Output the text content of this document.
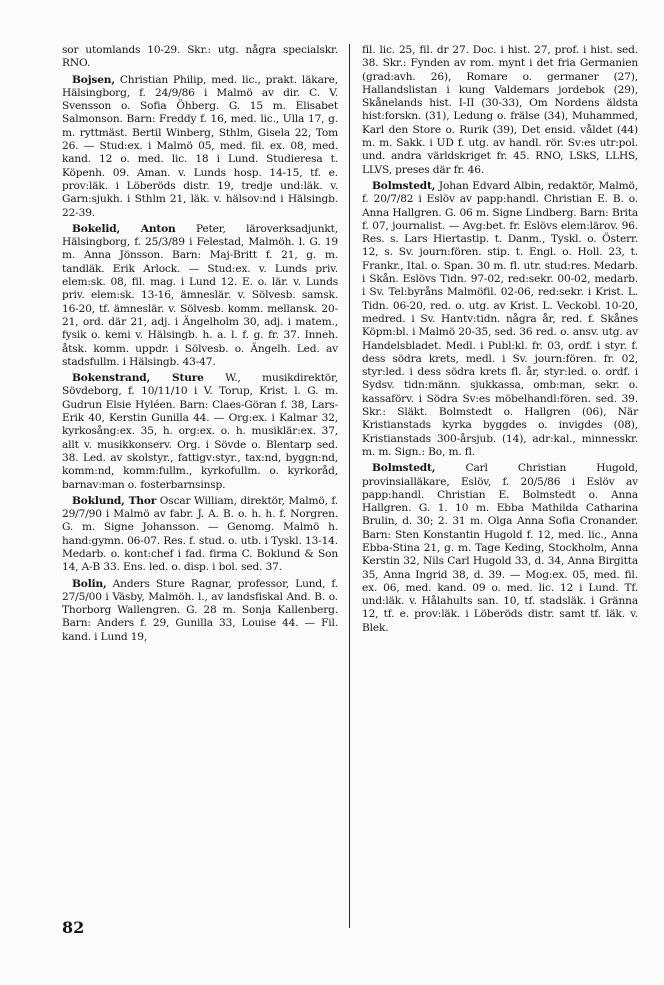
sor utomlands 10-29. Skr.: utg. några specialskr. RNO.

Bojsen, Christian Philip, med. lic., prakt. läkare, Hälsingborg, f. 24/9/86 i Malmö av dir. C. V. Svensson o. Sofia Öhberg. G. 15 m. Elisabet Salmonson. Barn: Freddy f. 16, med. lic., Ulla 17, g. m. ryttmäst. Bertil Winberg, Sthlm, Gisela 22, Tom 26. — Stud:ex. i Malmö 05, med. fil. ex. 08, med. kand. 12 o. med. lic. 18 i Lund. Studieresa t. Köpenh. 09. Aman. v. Lunds hosp. 14-15, tf. e. prov:läk. i Löberöds distr. 19, tredje und:läk. v. Garn:sjukh. i Sthlm 21, läk. v. hälsov:nd i Hälsingb. 22-39.

Bokelid, Anton Peter, läroverksadjunkt, Hälsingborg, f. 25/3/89 i Felestad, Malmöh. l. G. 19 m. Anna Jönsson. Barn: Maj-Britt f. 21, g. m. tandläk. Erik Arlock. — Stud:ex. v. Lunds priv. elem:sk. 08, fil. mag. i Lund 12. E. o. lär. v. Lunds priv. elem:sk. 13-16, ämneslär. v. Sölvesb. samsk. 16-20, tf. ämneslär. v. Sölvesb. komm. mellansk. 20-21, ord. där 21, adj. i Ängelholm 30, adj. i matem., fysik o. kemi v. Hälsingb. h. a. l. f. g. fr. 37. Inneh. åtsk. komm. uppdr. i Sölvesb. o. Ängelh. Led. av stadsfullm. i Hälsingb. 43-47.

Bokenstrand, Sture W., musikdirektör, Sövdeborg, f. 10/11/10 i V. Torup, Krist. l. G. m. Gudrun Elsie Hyléen. Barn: Claes-Göran f. 38, Lars-Erik 40, Kerstin Gunilla 44. — Org:ex. i Kalmar 32, kyrkosång:ex. 35, h. org:ex. o. h. musiklär:ex. 37, allt v. musikkonserv. Org. i Sövde o. Blentarp sed. 38. Led. av skolstyr., fattigv:styr., tax:nd, byggn:nd, komm:nd, komm:fullm., kyrkofullm. o. kyrkoråd, barnav:man o. fosterbarnsinsp.

Boklund, Thor Oscar William, direktör, Malmö, f. 29/7/90 i Malmö av fabr. J. A. B. o. h. h. f. Norgren. G. m. Signe Johansson. — Genomg. Malmö h. hand:gymn. 06-07. Res. f. stud. o. utb. i Tyskl. 13-14. Medarb. o. kont:chef i fad. firma C. Boklund & Son 14, A-B 33. Ens. led. o. disp. i bol. sed. 37.

Bolin, Anders Sture Ragnar, professor, Lund, f. 27/5/00 i Väsby, Malmöh. l., av landsfiskal And. B. o. Thorborg Wallengren. G. 28 m. Sonja Kallenberg. Barn: Anders f. 29, Gunilla 33, Louise 44. — Fil. kand. i Lund 19,

fil. lic. 25, fil. dr 27. Doc. i hist. 27, prof. i hist. sed. 38. Skr.: Fynden av rom. mynt i det fria Germanien (grad:avh. 26), Romare o. germaner (27), Hallandslistan i kung Valdemars jordebok (29), Skånelands hist. I-II (30-33), Om Nordens äldsta hist:forskn. (31), Ledung o. frälse (34), Muhammed, Karl den Store o. Rurik (39), Det ensid. våldet (44) m. m. Sakk. i UD f. utg. av handl. rör. Sv:es utr:pol. und. andra världskriget fr. 45. RNO, LSkS, LLHS, LLVS, preses där fr. 46.

Bolmstedt, Johan Edvard Albin, redaktör, Malmö, f. 20/7/82 i Eslöv av papp:handl. Christian E. B. o. Anna Hallgren. G. 06 m. Signe Lindberg. Barn: Brita f. 07, journalist. — Avg:bet. fr. Eslövs elem:lärov. 96. Res. s. Lars Hiertastip. t. Danm., Tyskl. o. Österr. 12, s. Sv. journ:fören. stip. t. Engl. o. Holl. 23, t. Frankr., Ital. o. Span. 30 m. fl. utr. stud:res. Medarb. i Skån. Eslövs Tidn. 97-02, red:sekr. 00-02, medarb. i Sv. Tel:byråns Malmöfil. 02-06, red:sekr. i Krist. L. Tidn. 06-20, red. o. utg. av Krist. L. Veckobl. 10-20, medred. i Sv. Hantv:tidn. några år, red. f. Skånes Köpm:bl. i Malmö 20-35, sed. 36 red. o. ansv. utg. av Handelsbladet. Medl. i Publ:kl. fr. 03, ordf. i styr. f. dess södra krets, medl. i Sv. journ:fören. fr. 02, styr:led. i dess södra krets fl. år, styr:led. o. ordf. i Sydsv. tidn:männ. sjukkassa, omb:man, sekr. o. kassaförv. i Södra Sv:es möbelhandl:fören. sed. 39. Skr.: Släkt. Bolmstedt o. Hallgren (06), När Kristianstads kyrka byggdes o. invigdes (08), Kristianstads 300-årsjub. (14), adr:kal., minnesskr. m. m. Sign.: Bo, m. fl.

Bolmstedt, Carl Christian Hugold, provinsialläkare, Eslöv, f. 20/5/86 i Eslöv av papp:handl. Christian E. Bolmstedt o. Anna Hallgren. G. 1. 10 m. Ebba Mathilda Catharina Brulin, d. 30; 2. 31 m. Olga Anna Sofia Cronander. Barn: Sten Konstantin Hugold f. 12, med. lic., Anna Ebba-Stina 21, g. m. Tage Keding, Stockholm, Anna Kerstin 32, Nils Carl Hugold 33, d. 34, Anna Birgitta 35, Anna Ingrid 38, d. 39. — Mog:ex. 05, med. fil. ex. 06, med. kand. 09 o. med. lic. 12 i Lund. Tf. und:läk. v. Hålahults san. 10, tf. stadsläk. i Gränna 12, tf. e. prov:läk. i Löberöds distr. samt tf. läk. v. Blek.

82
